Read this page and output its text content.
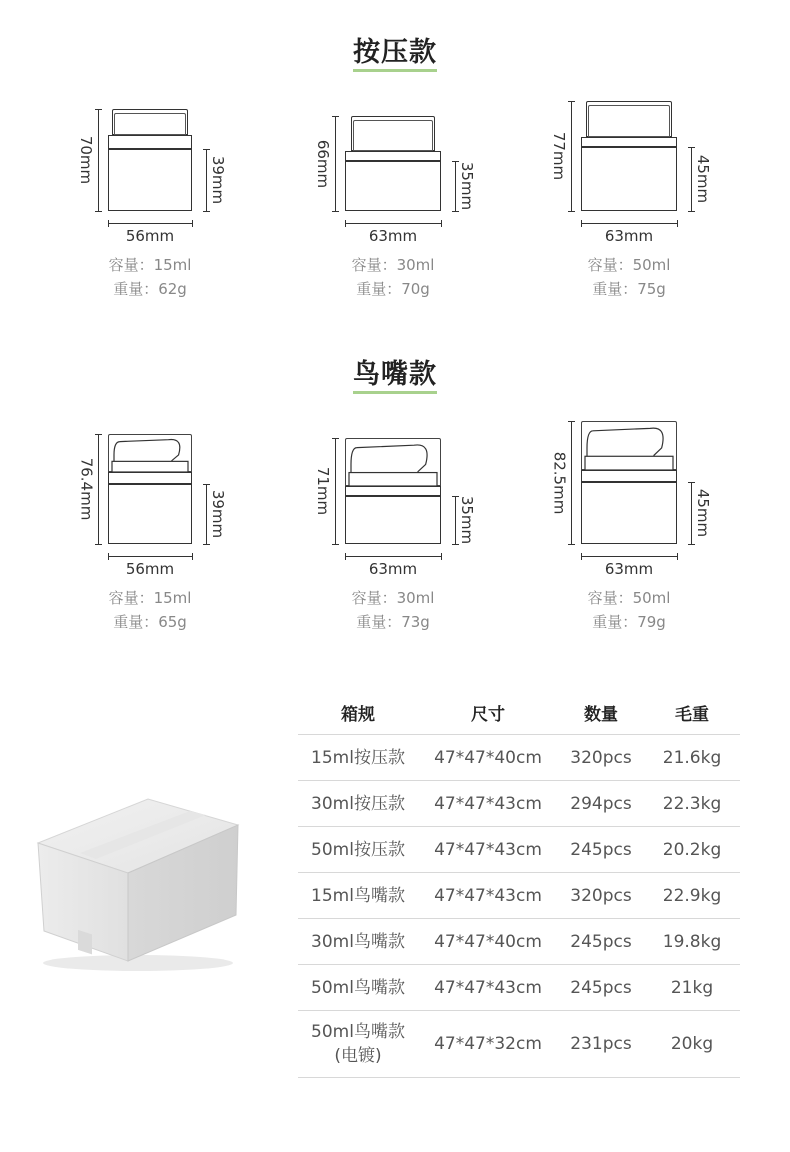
按压款
鸟嘴款
70mm	39mm
56mm
容量：15ml
重量：62g
66mm	35mm
63mm
容量：30ml
重量：70g
77mm	45mm
63mm
容量：50ml
重量：75g
76.4mm	39mm
56mm
容量：15ml
重量：65g
71mm
35mm
63mm
容量：30ml
重量：73g
82.5mm	45mm
63mm
容量：50ml
重量：79g
箱规	尺寸	数量	毛重
15ml按压款	47*47*40cm	320pcs	21.6kg
30ml按压款	47*47*43cm	294pcs	22.3kg
50ml按压款	47*47*43cm	245pcs	20.2kg
15ml鸟嘴款	47*47*43cm	320pcs	22.9kg
30ml鸟嘴款	47*47*40cm	245pcs	19.8kg
50ml鸟嘴款	47*47*43cm	245pcs	21kg
50ml鸟嘴款
(电镀)
47*47*32cm	231pcs	20kg
